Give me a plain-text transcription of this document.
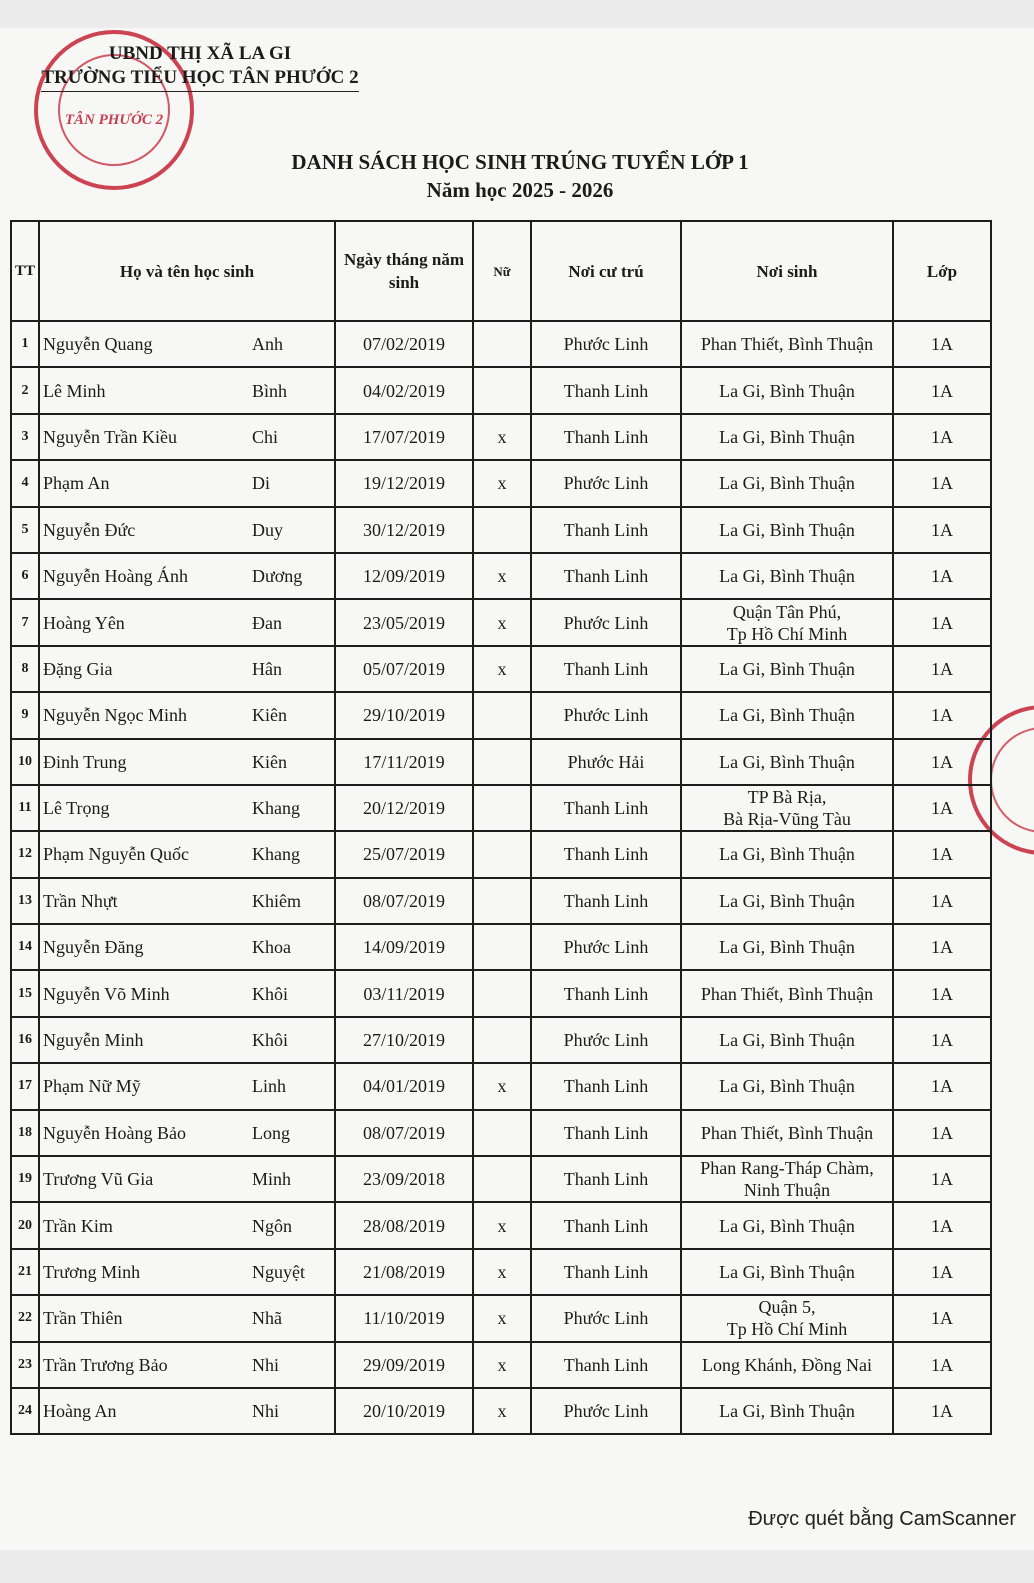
TÂN PHƯỚC 2
UBND THỊ XÃ LA GI
TRƯỜNG TIỂU HỌC TÂN PHƯỚC 2
DANH SÁCH HỌC SINH TRÚNG TUYỂN LỚP 1
Năm học 2025 - 2026
TT	Họ và tên học sinh	Ngày tháng năm sinh	Nữ	Nơi cư trú	Nơi sinh	Lớp
1	Nguyễn Quang Anh	07/02/2019		Phước Linh	Phan Thiết, Bình Thuận	1A
2	Lê Minh Bình	04/02/2019		Thanh Linh	La Gi, Bình Thuận	1A
3	Nguyễn Trần Kiều Chi	17/07/2019	x	Thanh Linh	La Gi, Bình Thuận	1A
4	Phạm An Di	19/12/2019	x	Phước Linh	La Gi, Bình Thuận	1A
5	Nguyễn Đức Duy	30/12/2019		Thanh Linh	La Gi, Bình Thuận	1A
6	Nguyễn Hoàng Ánh Dương	12/09/2019	x	Thanh Linh	La Gi, Bình Thuận	1A
7	Hoàng Yên Đan	23/05/2019	x	Phước Linh	Quận Tân Phú,
Tp Hồ Chí Minh	1A
8	Đặng Gia Hân	05/07/2019	x	Thanh Linh	La Gi, Bình Thuận	1A
9	Nguyễn Ngọc Minh Kiên	29/10/2019		Phước Linh	La Gi, Bình Thuận	1A
10	Đinh Trung Kiên	17/11/2019		Phước Hải	La Gi, Bình Thuận	1A
11	Lê Trọng Khang	20/12/2019		Thanh Linh	TP Bà Rịa,
Bà Rịa-Vũng Tàu	1A
12	Phạm Nguyễn Quốc Khang	25/07/2019		Thanh Linh	La Gi, Bình Thuận	1A
13	Trần Nhựt Khiêm	08/07/2019		Thanh Linh	La Gi, Bình Thuận	1A
14	Nguyễn Đăng Khoa	14/09/2019		Phước Linh	La Gi, Bình Thuận	1A
15	Nguyễn Võ Minh Khôi	03/11/2019		Thanh Linh	Phan Thiết, Bình Thuận	1A
16	Nguyễn Minh Khôi	27/10/2019		Phước Linh	La Gi, Bình Thuận	1A
17	Phạm Nữ Mỹ Linh	04/01/2019	x	Thanh Linh	La Gi, Bình Thuận	1A
18	Nguyễn Hoàng Bảo Long	08/07/2019		Thanh Linh	Phan Thiết, Bình Thuận	1A
19	Trương Vũ Gia Minh	23/09/2018		Thanh Linh	Phan Rang-Tháp Chàm,
Ninh Thuận	1A
20	Trần Kim Ngôn	28/08/2019	x	Thanh Linh	La Gi, Bình Thuận	1A
21	Trương Minh Nguyệt	21/08/2019	x	Thanh Linh	La Gi, Bình Thuận	1A
22	Trần Thiên Nhã	11/10/2019	x	Phước Linh	Quận 5,
Tp Hồ Chí Minh	1A
23	Trần Trương Bảo Nhi	29/09/2019	x	Thanh Linh	Long Khánh, Đồng Nai	1A
24	Hoàng An Nhi	20/10/2019	x	Phước Linh	La Gi, Bình Thuận	1A
Được quét bằng CamScanner
